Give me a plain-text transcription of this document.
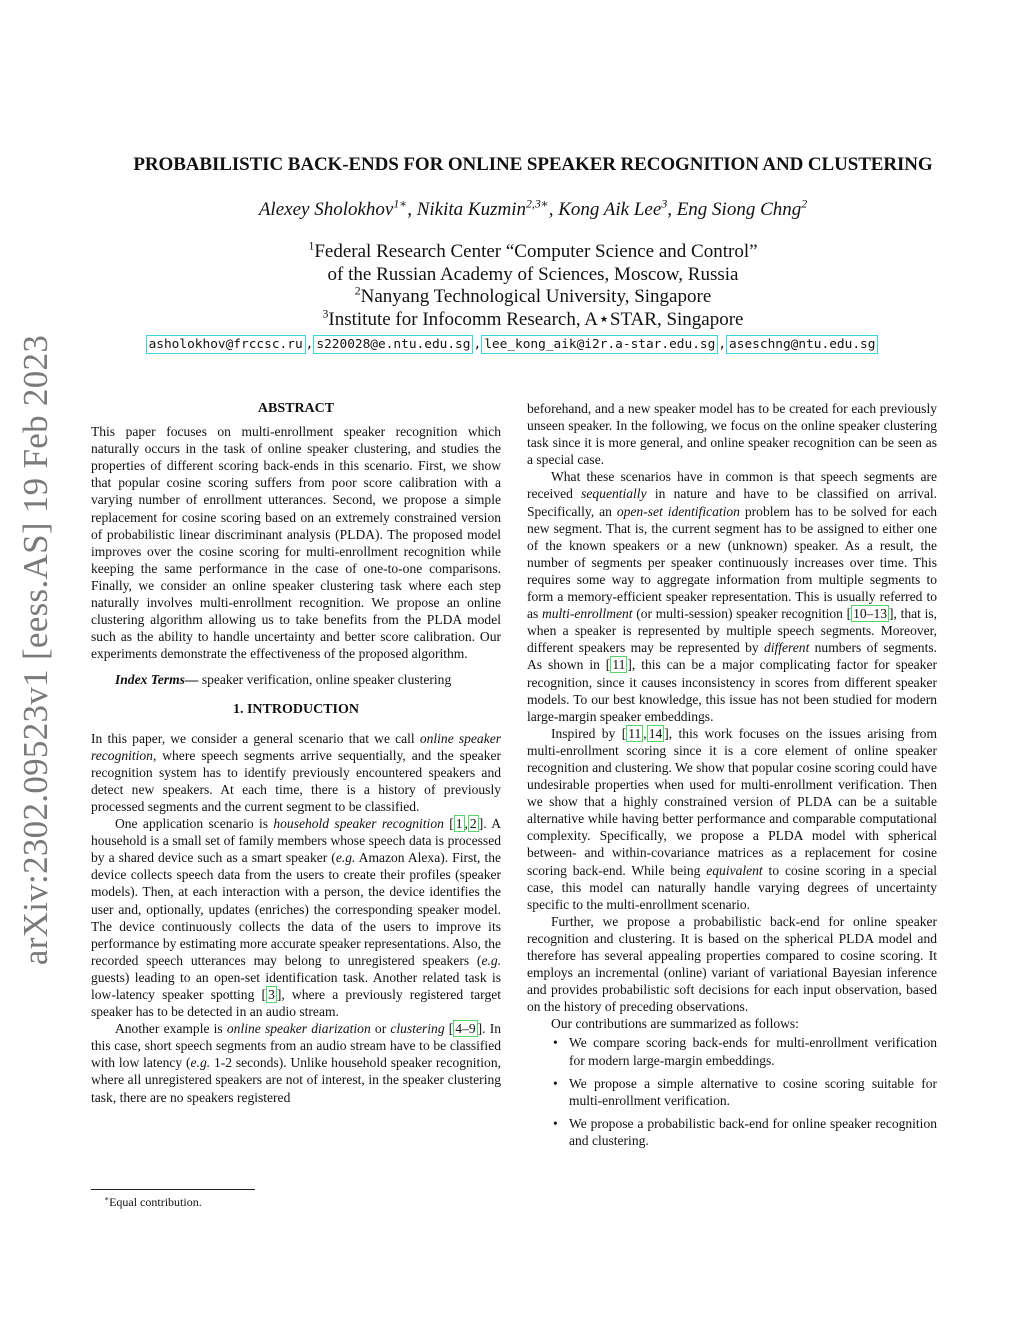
arXiv:2302.09523v1 [eess.AS] 19 Feb 2023
PROBABILISTIC BACK-ENDS FOR ONLINE SPEAKER RECOGNITION AND CLUSTERING
Alexey Sholokhov$^{1∗}$, Nikita Kuzmin$^{2,3∗}$, Kong Aik Lee$^3$, Eng Siong Chng$^2$
$^1$Federal Research Center “Computer Science and Control”
of the Russian Academy of Sciences, Moscow, Russia
$^2$Nanyang Technological University, Singapore
$^3$Institute for Infocomm Research, A⋆STAR, Singapore
asholokhov@frccsc.ru , s220028@e.ntu.edu.sg , lee_kong_aik@i2r.a-star.edu.sg , aseschng@ntu.edu.sg
ABSTRACT

This paper focuses on multi-enrollment speaker recognition which naturally occurs in the task of online speaker clustering, and studies the properties of different scoring back-ends in this scenario. First, we show that popular cosine scoring suffers from poor score calibration with a varying number of enrollment utterances. Second, we propose a simple replacement for cosine scoring based on an extremely constrained version of probabilistic linear discriminant analysis (PLDA). The proposed model improves over the cosine scoring for multi-enrollment recognition while keeping the same performance in the case of one-to-one comparisons. Finally, we consider an online speaker clustering task where each step naturally involves multi-enrollment recognition. We propose an online clustering algorithm allowing us to take benefits from the PLDA model such as the ability to handle uncertainty and better score calibration. Our experiments demonstrate the effectiveness of the proposed algorithm.

Index Terms— speaker verification, online speaker clustering

1. INTRODUCTION

In this paper, we consider a general scenario that we call online speaker recognition, where speech segments arrive sequentially, and the speaker recognition system has to identify previously encountered speakers and detect new speakers. At each time, there is a history of previously processed segments and the current segment to be classified.

One application scenario is household speaker recognition [ 1 , 2 ]. A household is a small set of family members whose speech data is processed by a shared device such as a smart speaker (e.g. Amazon Alexa). First, the device collects speech data from the users to create their profiles (speaker models). Then, at each interaction with a person, the device identifies the user and, optionally, updates (enriches) the corresponding speaker model. The device continuously collects the data of the users to improve its performance by estimating more accurate speaker representations. Also, the recorded speech utterances may belong to unregistered speakers (e.g. guests) leading to an open-set identification task. Another related task is low-latency speaker spotting [ 3 ], where a previously registered target speaker has to be detected in an audio stream.

Another example is online speaker diarization or clustering [ 4–9 ]. In this case, short speech segments from an audio stream have to be classified with low latency (e.g. 1-2 seconds). Unlike household speaker recognition, where all unregistered speakers are not of interest, in the speaker clustering task, there are no speakers registered

beforehand, and a new speaker model has to be created for each previously unseen speaker. In the following, we focus on the online speaker clustering task since it is more general, and online speaker recognition can be seen as a special case.

What these scenarios have in common is that speech segments are received sequentially in nature and have to be classified on arrival. Specifically, an open-set identification problem has to be solved for each new segment. That is, the current segment has to be assigned to either one of the known speakers or a new (unknown) speaker. As a result, the number of segments per speaker continuously increases over time. This requires some way to aggregate information from multiple segments to form a memory-efficient speaker representation. This is usually referred to as multi-enrollment (or multi-session) speaker recognition [ 10–13 ], that is, when a speaker is represented by multiple speech segments. Moreover, different speakers may be represented by different numbers of segments. As shown in [ 11 ], this can be a major complicating factor for speaker recognition, since it causes inconsistency in scores from different speaker models. To our best knowledge, this issue has not been studied for modern large-margin speaker embeddings.

Inspired by [ 11 , 14 ], this work focuses on the issues arising from multi-enrollment scoring since it is a core element of online speaker recognition and clustering. We show that popular cosine scoring could have undesirable properties when used for multi-enrollment verification. Then we show that a highly constrained version of PLDA can be a suitable alternative while having better performance and comparable computational complexity. Specifically, we propose a PLDA model with spherical between- and within-covariance matrices as a replacement for cosine scoring back-end. While being equivalent to cosine scoring in a special case, this model can naturally handle varying degrees of uncertainty specific to the multi-enrollment scenario.

Further, we propose a probabilistic back-end for online speaker recognition and clustering. It is based on the spherical PLDA model and therefore has several appealing properties compared to cosine scoring. It employs an incremental (online) variant of variational Bayesian inference and provides probabilistic soft decisions for each input observation, based on the history of preceding observations.

Our contributions are summarized as follows:

• We compare scoring back-ends for multi-enrollment verification for modern large-margin embeddings.
• We propose a simple alternative to cosine scoring suitable for multi-enrollment verification.
• We propose a probabilistic back-end for online speaker recognition and clustering.
∗Equal contribution.
